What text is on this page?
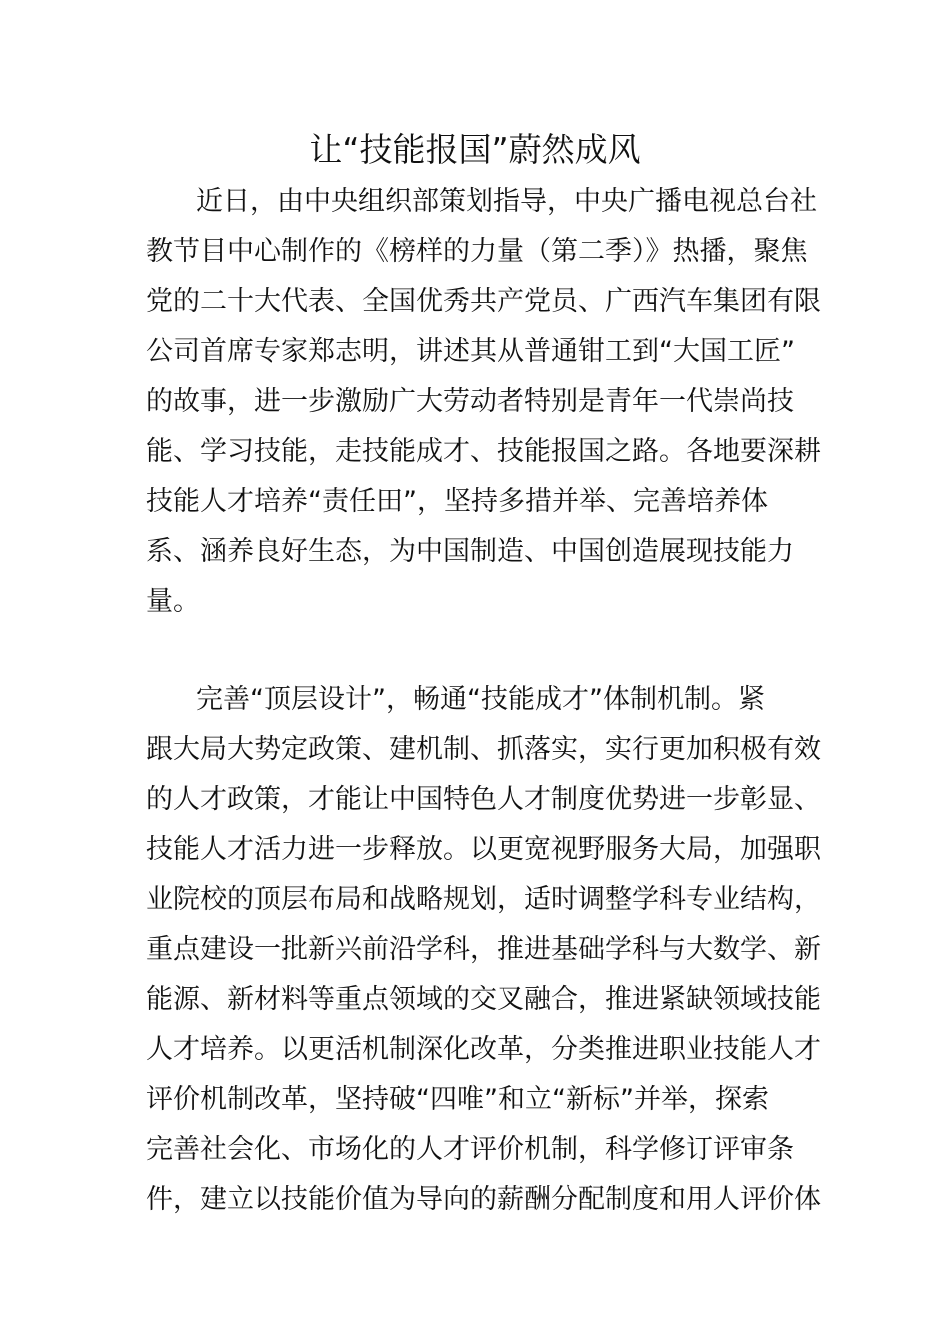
让“技能报国”蔚然成风
近日，由中央组织部策划指导，中央广播电视总台社
教节目中心制作的《榜样的力量（第二季）》热播，聚焦
党的二十大代表、全国优秀共产党员、广西汽车集团有限
公司首席专家郑志明，讲述其从普通钳工到“大国工匠”
的故事，进一步激励广大劳动者特别是青年一代崇尚技
能、学习技能，走技能成才、技能报国之路。各地要深耕
技能人才培养“责任田”，坚持多措并举、完善培养体
系、涵养良好生态，为中国制造、中国创造展现技能力
量。
完善“顶层设计”，畅通“技能成才”体制机制。紧
跟大局大势定政策、建机制、抓落实，实行更加积极有效
的人才政策，才能让中国特色人才制度优势进一步彰显、
技能人才活力进一步释放。以更宽视野服务大局，加强职
业院校的顶层布局和战略规划，适时调整学科专业结构，
重点建设一批新兴前沿学科，推进基础学科与大数学、新
能源、新材料等重点领域的交叉融合，推进紧缺领域技能
人才培养。以更活机制深化改革，分类推进职业技能人才
评价机制改革，坚持破“四唯”和立“新标”并举，探索
完善社会化、市场化的人才评价机制，科学修订评审条
件，建立以技能价值为导向的薪酬分配制度和用人评价体
